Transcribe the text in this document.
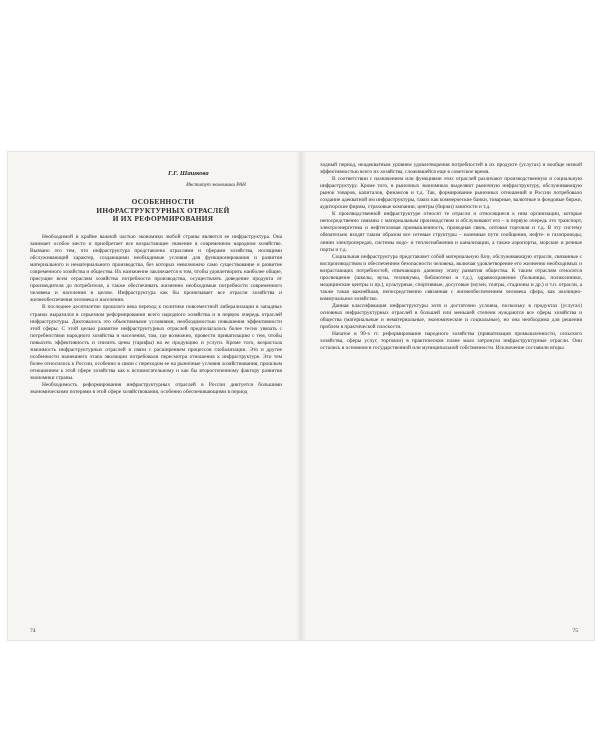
Г.Г. Шашкова
Институт экономики РАН
ОСОБЕННОСТИ
ИНФРАСТРУКТУРНЫХ ОТРАСЛЕЙ
И ИХ РЕФОРМИРОВАНИЯ

Необходимой и крайне важной частью экономики любой страны является ее инфраструктура. Она занимает особое место и приобретает все возрастающее значение в современном народном хозяйстве. Вызвано это тем, что инфраструктура представлена отраслями и сферами хозяйства, носящими обслуживающий характер, создающими необходимые условия для функционирования и развития материального и нематериального производства, без которых невозможно само существование и развитие современного хозяйства и общества. Их назначение заключается в том, чтобы удовлетворить наиболее общие, присущие всем отраслям хозяйства потребности производства, осуществлять доведение продукта от производителя до потребителя, а также обеспечивать жизненно необходимые потребности современного человека и населения в целом. Инфраструктура как бы пронизывает все отрасли хозяйства и жизнеобеспечения человека и населения.

В последнее десятилетие прошлого века переход к политике повсеместной либерализации в западных странах выразился в серьезном реформировании всего народного хозяйства и в первую очередь отраслей инфраструктуры. Диктовалось это объективными условиями, необходимостью повышения эффективности этой сферы. С этой целью развитие инфраструктурных отраслей предполагалось более тесно увязать с потребностями народного хозяйства и населения, там, где возможно, провести приватизацию с тем, чтобы повысить эффективность и снизить цены (тарифы) на ее продукцию и услуги. Кроме того, возрастала значимость инфраструктурных отраслей в связи с расширением процессов глобализации. Это и другие особенности нынешнего этапа эволюции потребовали пересмотра отношения к инфраструктуре. Это тем более относилось к России, особенно в связи с переходом ее на рыночные условия хозяйствования, прошлым отношением к этой сфере хозяйства как к вспомогательному и как бы второстепенному фактору развития экономики страны.

Необходимость реформирования инфраструктурных отраслей в России диктуется большими экономическими потерями в этой сфере хозяйствования, особенно обеспечивающими в период

74

ходный период, неадекватным уровнем удовлетворения потребностей в их продукте (услугах) и вообще низкой эффективностью всего их хозяйства, сложившейся еще в советское время.

В соответствии с назначением или функциями этих отраслей различают производственную и социальную инфраструктуру. Кроме того, в рыночных экономиках выделяют рыночную инфраструктуру, обслуживающую рынок товаров, капиталов, финансов и т.д. Так, формирование рыночных отношений в России потребовало создание адекватной им инфраструктуры, таких как коммерческие банки, товарные, валютные и фондовые биржи, аудиторские фирмы, страховые компании, центры (биржи) занятости и т.д.

К производственной инфраструктуре относят те отрасли и относящиеся к ним организации, которые непосредственно связаны с материальным производством и обслуживают его – в первую очередь это транспорт, электроэнергетика и нефтегазовая промышленность, проводная связь, оптовая торговля и т.д. В эту систему обязательно входят таким образом все сетевые структуры – наземные пути сообщения, нефте- и газопроводы, линии электропередач, системы водо- и теплоснабжения и канализации, а также аэропорты, морские и речные порты и т.д.

Социальная инфраструктура представляет собой материальную базу, обслуживающую отрасли, связанные с воспроизводством и обеспечением безопасности человека, включая удовлетворение его жизненно необходимых и возрастающих потребностей, отвечающих данному этапу развития общества. К таким отраслям относятся просвещение (школы, вузы, техникумы, библиотеки и т.д.), здравоохранение (больницы, поликлиники, медицинские центры и пр.), культурные, спортивные, досуговые (музеи, театры, стадионы и др.) и т.п. отрасли, а также такая важнейшая, непосредственно связанная с жизнеобеспечением человека сфера, как жилищно-коммунальное хозяйство.

Данная классификация инфраструктуры хотя и достаточно условна, поскольку в продуктах (услугах) основных инфраструктурных отраслей в большей или меньшей степени нуждаются все сферы хозяйства и общества (материальные и нематериальные, экономические и социальные), но она необходима для решения проблем в практической плоскости.

Начатое в 90-х гг. реформирование народного хозяйства (приватизация промышленности, сельского хозяйства, сферы услуг, торговли) в практическом плане мало затронуло инфраструктурные отрасли. Они остались в основном в государственной или муниципальной собственности. Исключение составили вторы

75
